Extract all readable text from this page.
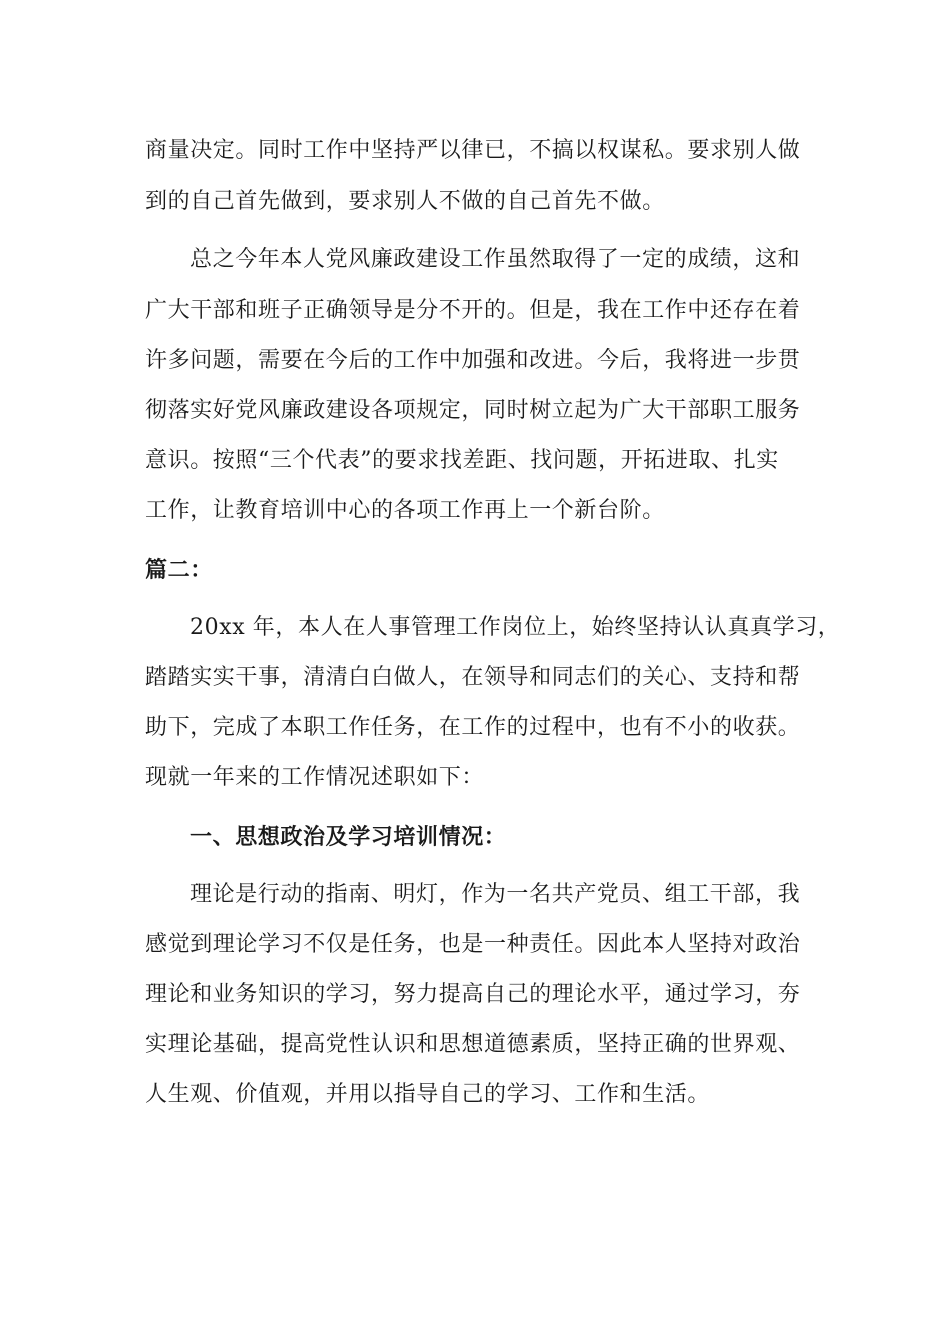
商量决定。同时工作中坚持严以律已，不搞以权谋私。要求别人做
到的自己首先做到，要求别人不做的自己首先不做。
总之今年本人党风廉政建设工作虽然取得了一定的成绩，这和
广大干部和班子正确领导是分不开的。但是，我在工作中还存在着
许多问题，需要在今后的工作中加强和改进。今后，我将进一步贯
彻落实好党风廉政建设各项规定，同时树立起为广大干部职工服务
意识。按照“三个代表”的要求找差距、找问题，开拓进取、扎实
工作，让教育培训中心的各项工作再上一个新台阶。
篇二：
20xx 年，本人在人事管理工作岗位上，始终坚持认认真真学习，
踏踏实实干事，清清白白做人，在领导和同志们的关心、支持和帮
助下，完成了本职工作任务，在工作的过程中，也有不小的收获。
现就一年来的工作情况述职如下：
一、思想政治及学习培训情况：
理论是行动的指南、明灯，作为一名共产党员、组工干部，我
感觉到理论学习不仅是任务，也是一种责任。因此本人坚持对政治
理论和业务知识的学习，努力提高自己的理论水平，通过学习，夯
实理论基础，提高党性认识和思想道德素质，坚持正确的世界观、
人生观、价值观，并用以指导自己的学习、工作和生活。
